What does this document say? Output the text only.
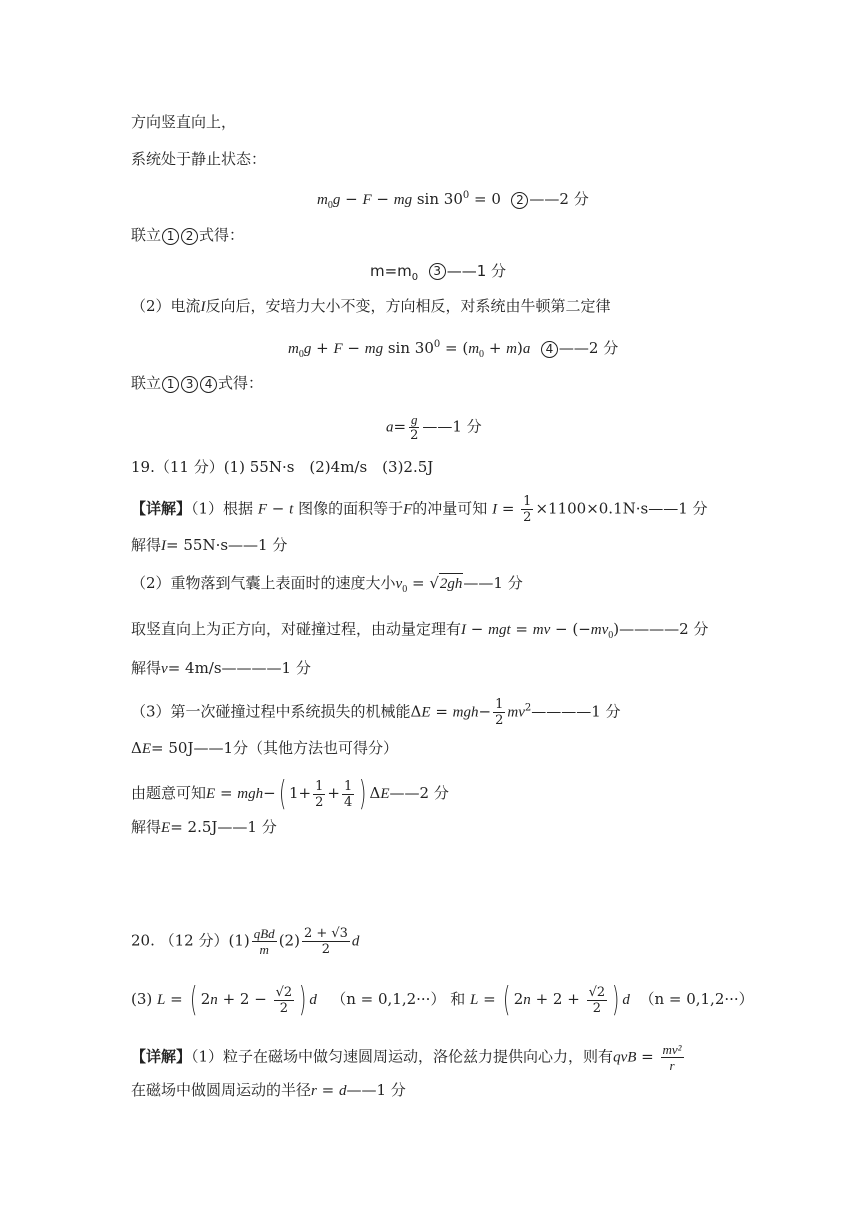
方向竖直向上，
系统处于静止状态：
$m_0g - F$ − mg $\sin 30^0 = 0$  2 ——2 分
联立 1 2 式得：
$m=m_0$ 3 ——1 分
（2）电流I反向后，安培力大小不变，方向相反，对系统由牛顿第二定律
$m_0g + F$ − mg $\sin 30^0 = (m_0 + m)a$ 4 ——2 分
联立 1 3 4 式得：
$a= \frac{g}{2}$ ——1 分
19.（11 分）(1) 55N·s　(2)4m/s　(3)2.5J
【详解】（1）根据 F − t 图像的面积等于F的冲量可知 $I = \frac{1}{2}$ ×1100×0.1N·s——1 分
解得I= 55N·s——1 分
（2）重物落到气囊上表面时的速度大小$v_0$ = √2gh——1 分
取竖直向上为正方向，对碰撞过程，由动量定理有I − mgt = mv − $(-mv_0)————2$ 分
解得v= 4m/s————1 分
（3）第一次碰撞过程中系统损失的机械能$\Delta E = mgh- \frac{1}{2}$ $mv^2————1$ 分
ΔE= 50J——1分（其他方法也可得分）
由题意可知E = mgh−( $1+ \frac{1}{2} + \frac{1}{4}$ ) ΔE——2 分
解得E= 2.5J——1 分
20. （12 分）$(1) \frac{\text{qBd}}{m} (2) \frac{2 + √3}{2}$ d
(3) L = ( $2n + 2 - \frac{√2}{2}$ ) d （n = 0,1,2···） 和 L = ( $2n + 2 + \frac{√2}{2}$ ) d （n = 0,1,2···）
【详解】（1）粒子在磁场中做匀速圆周运动，洛伦兹力提供向心力，则有qvB = $\frac{\text{mv²}}{r}$
在磁场中做圆周运动的半径r = d——1 分
